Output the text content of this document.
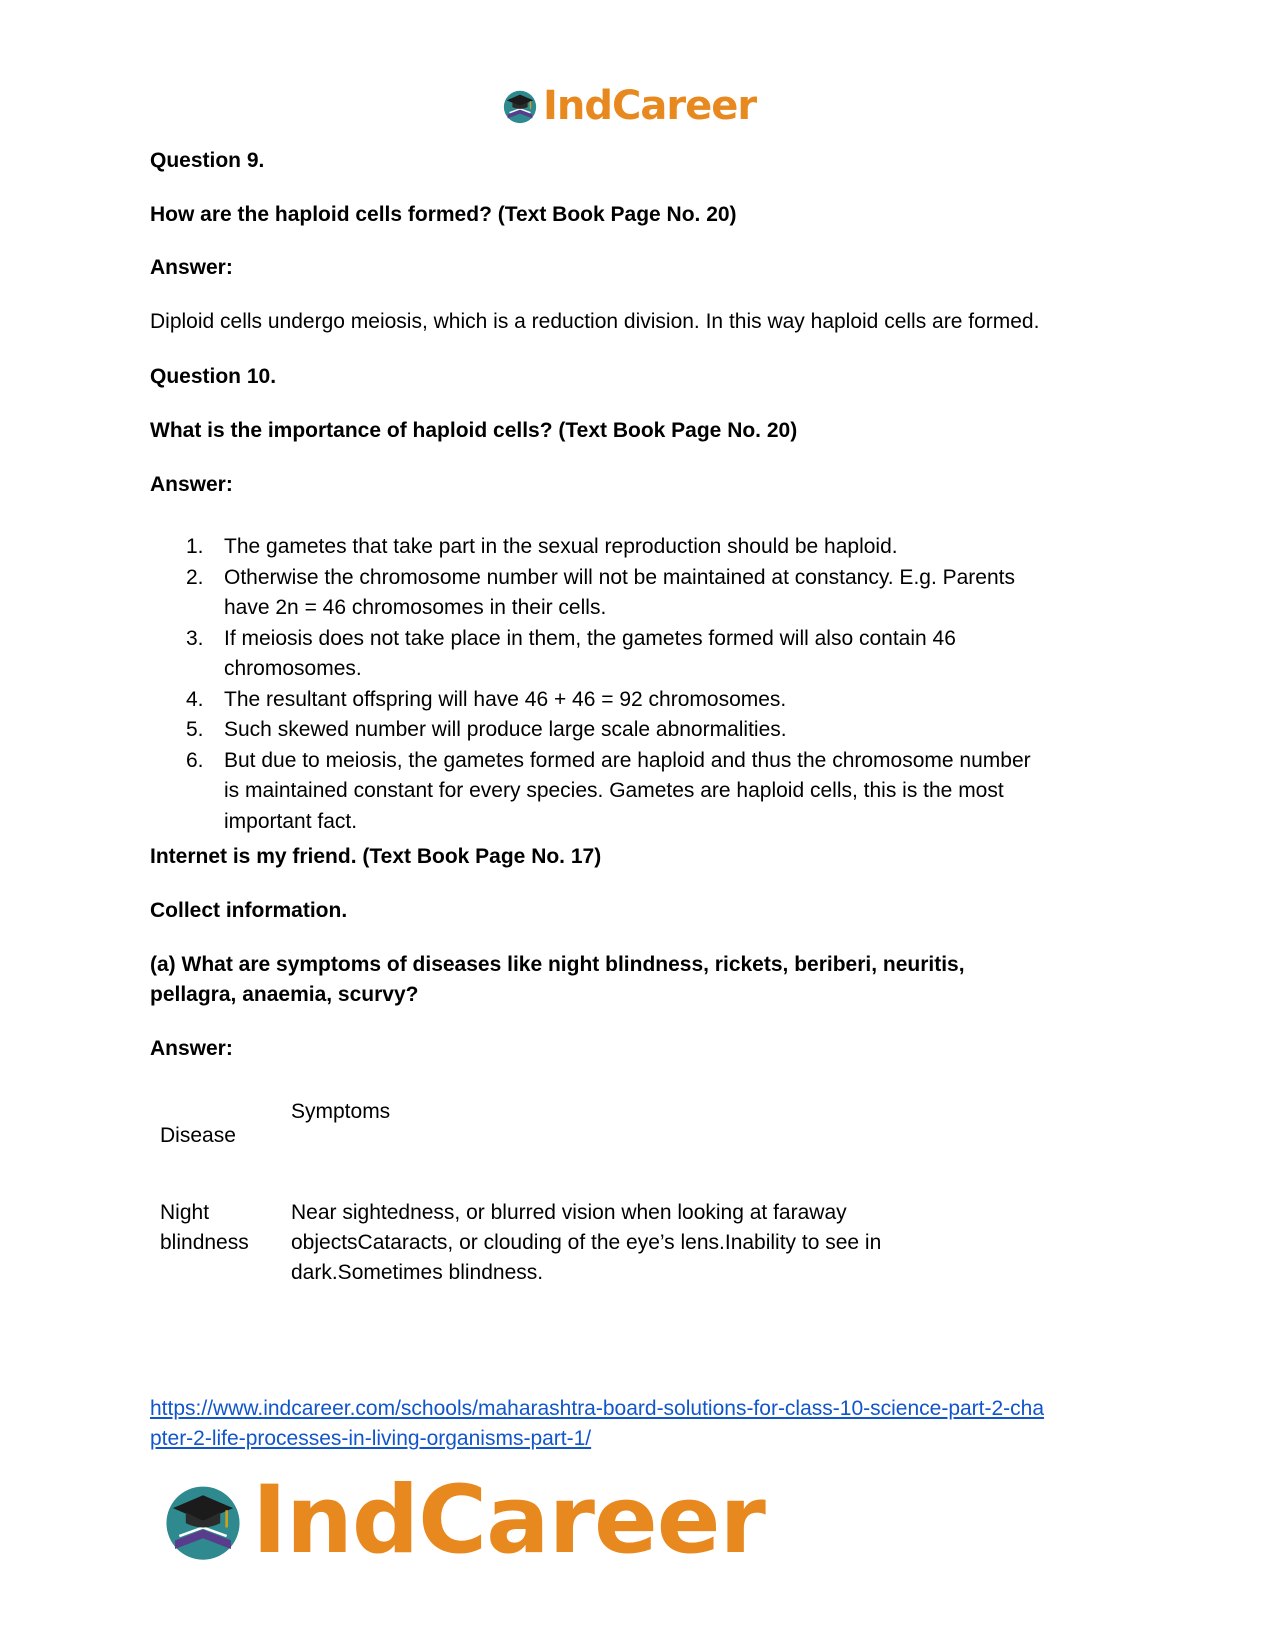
IndCareer
Question 9.
How are the haploid cells formed? (Text Book Page No. 20)
Answer:
Diploid cells undergo meiosis, which is a reduction division. In this way haploid cells are formed.
Question 10.
What is the importance of haploid cells? (Text Book Page No. 20)
Answer:
1. The gametes that take part in the sexual reproduction should be haploid.
2. Otherwise the chromosome number will not be maintained at constancy. E.g. Parents
have 2n = 46 chromosomes in their cells.
3. If meiosis does not take place in them, the gametes formed will also contain 46
chromosomes.
4. The resultant offspring will have 46 + 46 = 92 chromosomes.
5. Such skewed number will produce large scale abnormalities.
6. But due to meiosis, the gametes formed are haploid and thus the chromosome number
is maintained constant for every species. Gametes are haploid cells, this is the most
important fact.
Internet is my friend. (Text Book Page No. 17)
Collect information.
(a) What are symptoms of diseases like night blindness, rickets, beriberi, neuritis,
pellagra, anaemia, scurvy?
Answer:
Symptoms
Disease
Night
blindness
Near sightedness, or blurred vision when looking at faraway
objectsCataracts, or clouding of the eye’s lens.Inability to see in
dark.Sometimes blindness.
https://www.indcareer.com/schools/maharashtra-board-solutions-for-class-10-science-part-2-cha
pter-2-life-processes-in-living-organisms-part-1/
IndCareer
